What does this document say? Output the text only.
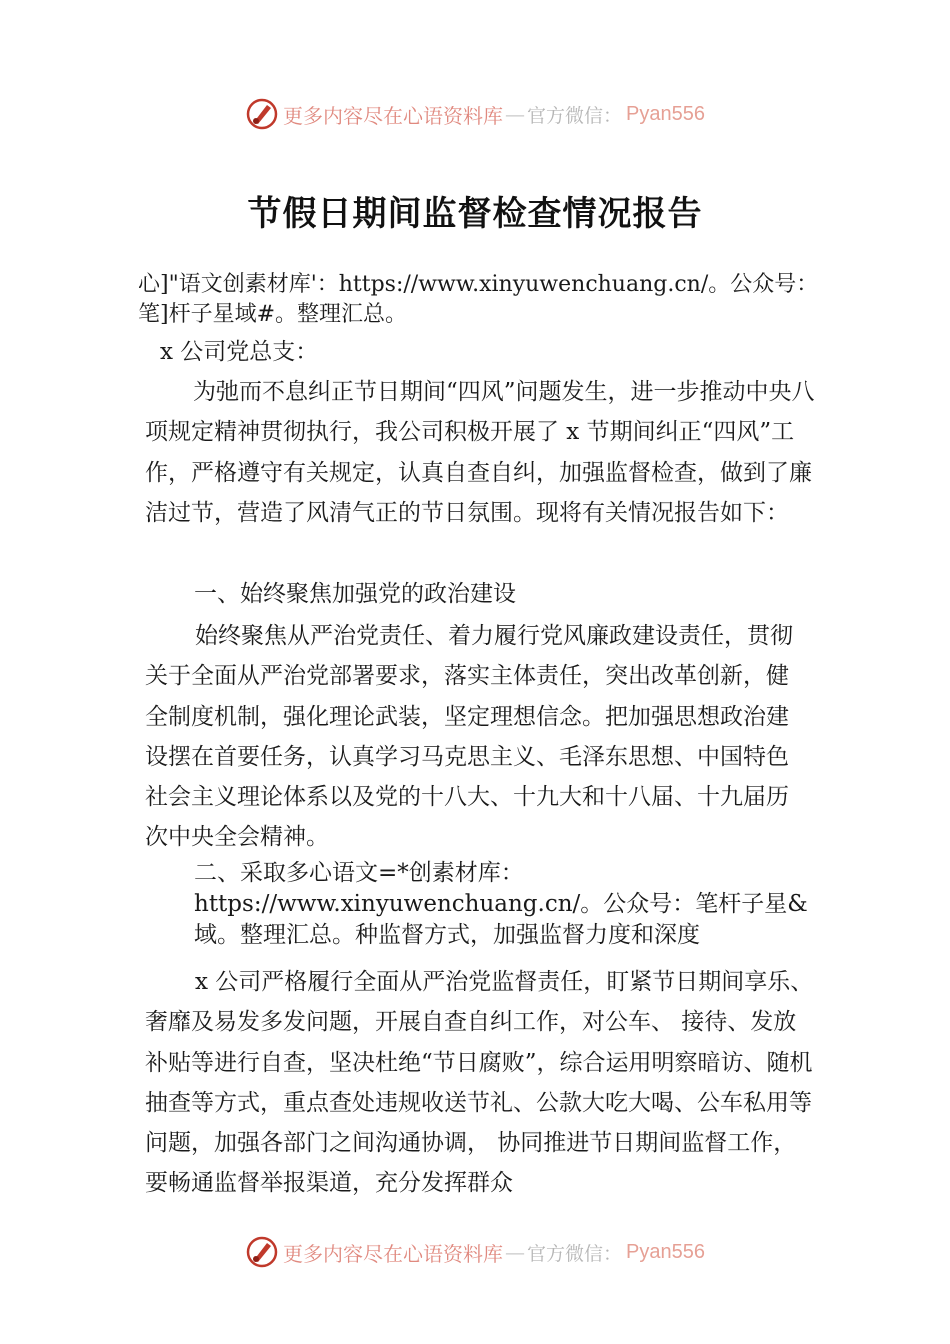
更多内容尽在心语资料库 — 官方微信： Pyan556
节假日期间监督检查情况报告
心]"语文创素材库'：https://www.xinyuwenchuang.cn/。公众号：笔]杆子星域#。整理汇总。
x 公司党总支：
为弛而不息纠正节日期间“四风”问题发生，进一步推动中央八项规定精神贯彻执行，我公司积极开展了 x 节期间纠正“四风”工作，严格遵守有关规定，认真自查自纠，加强监督检查，做到了廉洁过节，营造了风清气正的节日氛围。现将有关情况报告如下：
一、始终聚焦加强党的政治建设
始终聚焦从严治党责任、着力履行党风廉政建设责任，贯彻关于全面从严治党部署要求，落实主体责任，突出改革创新，健全制度机制，强化理论武装，坚定理想信念。把加强思想政治建设摆在首要任务，认真学习马克思主义、毛泽东思想、中国特色社会主义理论体系以及党的十八大、十九大和十八届、十九届历次中央全会精神。
二、采取多心语文=*创素材库：https://www.xinyuwenchuang.cn/。公众号：笔杆子星&域。整理汇总。种监督方式，加强监督力度和深度
x 公司严格履行全面从严治党监督责任，盯紧节日期间享乐、奢靡及易发多发问题，开展自查自纠工作，对公车、 接待、发放补贴等进行自查，坚决杜绝“节日腐败”，综合运用明察暗访、随机抽查等方式，重点查处违规收送节礼、公款大吃大喝、公车私用等问题，加强各部门之间沟通协调， 协同推进节日期间监督工作，要畅通监督举报渠道，充分发挥群众
更多内容尽在心语资料库 — 官方微信： Pyan556
